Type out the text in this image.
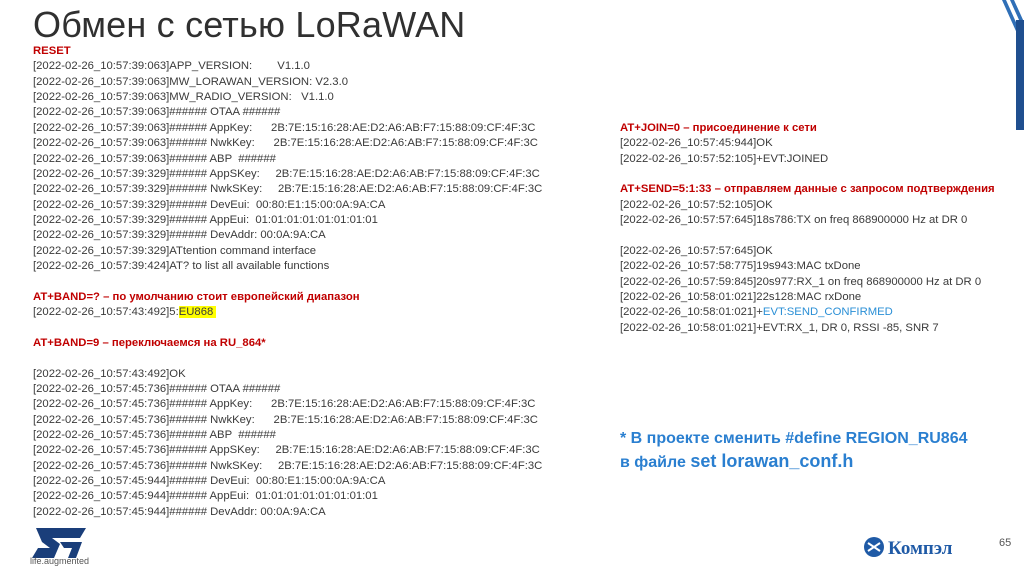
Обмен с сетью LoRaWAN
RESET
[2022-02-26_10:57:39:063]APP_VERSION:        V1.1.0
[2022-02-26_10:57:39:063]MW_LORAWAN_VERSION: V2.3.0
[2022-02-26_10:57:39:063]MW_RADIO_VERSION:   V1.1.0
[2022-02-26_10:57:39:063]###### OTAA ######
[2022-02-26_10:57:39:063]###### AppKey:      2B:7E:15:16:28:AE:D2:A6:AB:F7:15:88:09:CF:4F:3C
[2022-02-26_10:57:39:063]###### NwkKey:      2B:7E:15:16:28:AE:D2:A6:AB:F7:15:88:09:CF:4F:3C
[2022-02-26_10:57:39:063]###### ABP  ######
[2022-02-26_10:57:39:329]###### AppSKey:     2B:7E:15:16:28:AE:D2:A6:AB:F7:15:88:09:CF:4F:3C
[2022-02-26_10:57:39:329]###### NwkSKey:     2B:7E:15:16:28:AE:D2:A6:AB:F7:15:88:09:CF:4F:3C
[2022-02-26_10:57:39:329]###### DevEui:  00:80:E1:15:00:0A:9A:CA
[2022-02-26_10:57:39:329]###### AppEui:  01:01:01:01:01:01:01:01
[2022-02-26_10:57:39:329]###### DevAddr: 00:0A:9A:CA
[2022-02-26_10:57:39:329]ATtention command interface
[2022-02-26_10:57:39:424]AT? to list all available functions
AT+BAND=? – по умолчанию стоит европейский диапазон
[2022-02-26_10:57:43:492]5:EU868
AT+BAND=9 – переключаемся на RU_864*
[2022-02-26_10:57:43:492]OK
[2022-02-26_10:57:45:736]###### OTAA ######
[2022-02-26_10:57:45:736]###### AppKey:      2B:7E:15:16:28:AE:D2:A6:AB:F7:15:88:09:CF:4F:3C
[2022-02-26_10:57:45:736]###### NwkKey:      2B:7E:15:16:28:AE:D2:A6:AB:F7:15:88:09:CF:4F:3C
[2022-02-26_10:57:45:736]###### ABP  ######
[2022-02-26_10:57:45:736]###### AppSKey:     2B:7E:15:16:28:AE:D2:A6:AB:F7:15:88:09:CF:4F:3C
[2022-02-26_10:57:45:736]###### NwkSKey:     2B:7E:15:16:28:AE:D2:A6:AB:F7:15:88:09:CF:4F:3C
[2022-02-26_10:57:45:944]###### DevEui:  00:80:E1:15:00:0A:9A:CA
[2022-02-26_10:57:45:944]###### AppEui:  01:01:01:01:01:01:01:01
[2022-02-26_10:57:45:944]###### DevAddr: 00:0A:9A:CA
AT+JOIN=0 – присоединение к сети
[2022-02-26_10:57:45:944]OK
[2022-02-26_10:57:52:105]+EVT:JOINED
AT+SEND=5:1:33 – отправляем данные с запросом подтверждения
[2022-02-26_10:57:52:105]OK
[2022-02-26_10:57:57:645]18s786:TX on freq 868900000 Hz at DR 0
[2022-02-26_10:57:57:645]OK
[2022-02-26_10:57:58:775]19s943:MAC txDone
[2022-02-26_10:57:59:845]20s977:RX_1 on freq 868900000 Hz at DR 0
[2022-02-26_10:58:01:021]22s128:MAC rxDone
[2022-02-26_10:58:01:021]+EVT:SEND_CONFIRMED
[2022-02-26_10:58:01:021]+EVT:RX_1, DR 0, RSSI -85, SNR 7
* В проекте сменить #define REGION_RU864
в файле set lorawan_conf.h
life.augmented
Компэл	65
